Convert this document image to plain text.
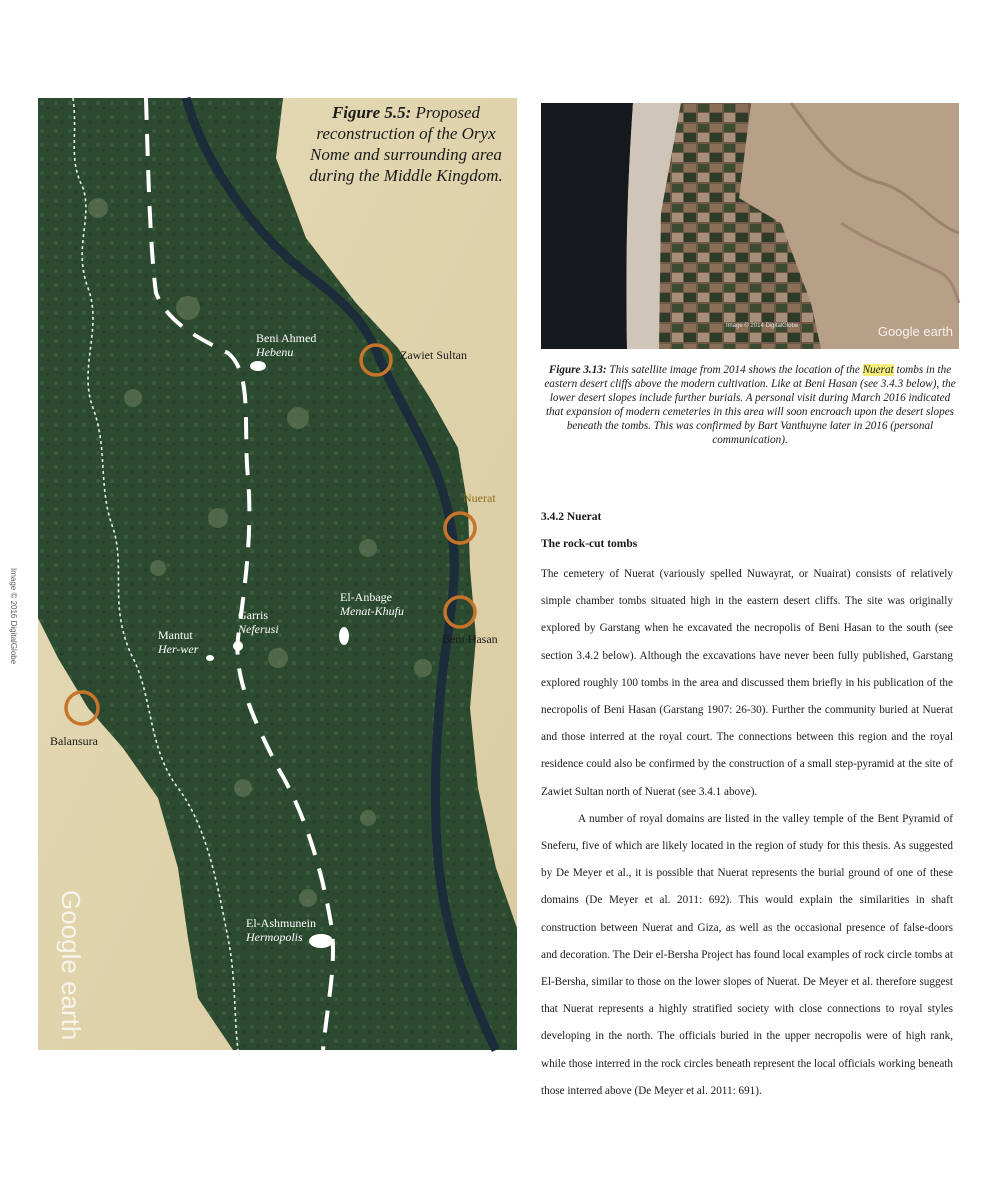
Figure 5.5: Proposed reconstruction of the Oryx Nome and surrounding area during the Middle Kingdom.
Beni Ahmed
Hebenu	Zawiet Sultan
Nuerat
El-Anbage
Menat-Khufu
Beni Hasan
Garris
Neferusi
Mantut
Her-wer
Balansura
El-Ashmunein
Hermopolis
Image © 2016 DigitalGlobe
Google earth
Image © 2014 DigitalGlobe	Google earth
Figure 3.13: This satellite image from 2014 shows the location of the Nuerat tombs in the eastern desert cliffs above the modern cultivation. Like at Beni Hasan (see 3.4.3 below), the lower desert slopes include further burials. A personal visit during March 2016 indicated that expansion of modern cemeteries in this area will soon encroach upon the desert slopes beneath the tombs. This was confirmed by Bart Vanthuyne later in 2016 (personal communication).
3.4.2 Nuerat
The rock-cut tombs

The cemetery of Nuerat (variously spelled Nuwayrat, or Nuairat) consists of relatively simple chamber tombs situated high in the eastern desert cliffs. The site was originally explored by Garstang when he excavated the necropolis of Beni Hasan to the south (see section 3.4.2 below). Although the excavations have never been fully published, Garstang explored roughly 100 tombs in the area and discussed them briefly in his publication of the necropolis of Beni Hasan (Garstang 1907: 26-30). Further the community buried at Nuerat and those interred at the royal court. The connections between this region and the royal residence could also be confirmed by the construction of a small step-pyramid at the site of Zawiet Sultan north of Nuerat (see 3.4.1 above).

A number of royal domains are listed in the valley temple of the Bent Pyramid of Sneferu, five of which are likely located in the region of study for this thesis. As suggested by De Meyer et al., it is possible that Nuerat represents the burial ground of one of these domains (De Meyer et al. 2011: 692). This would explain the similarities in shaft construction between Nuerat and Giza, as well as the occasional presence of false-doors and decoration. The Deir el-Bersha Project has found local examples of rock circle tombs at El-Bersha, similar to those on the lower slopes of Nuerat. De Meyer et al. therefore suggest that Nuerat represents a highly stratified society with close connections to royal styles developing in the north. The officials buried in the upper necropolis were of high rank, while those interred in the rock circles beneath represent the local officials working beneath those interred above (De Meyer et al. 2011: 691).
